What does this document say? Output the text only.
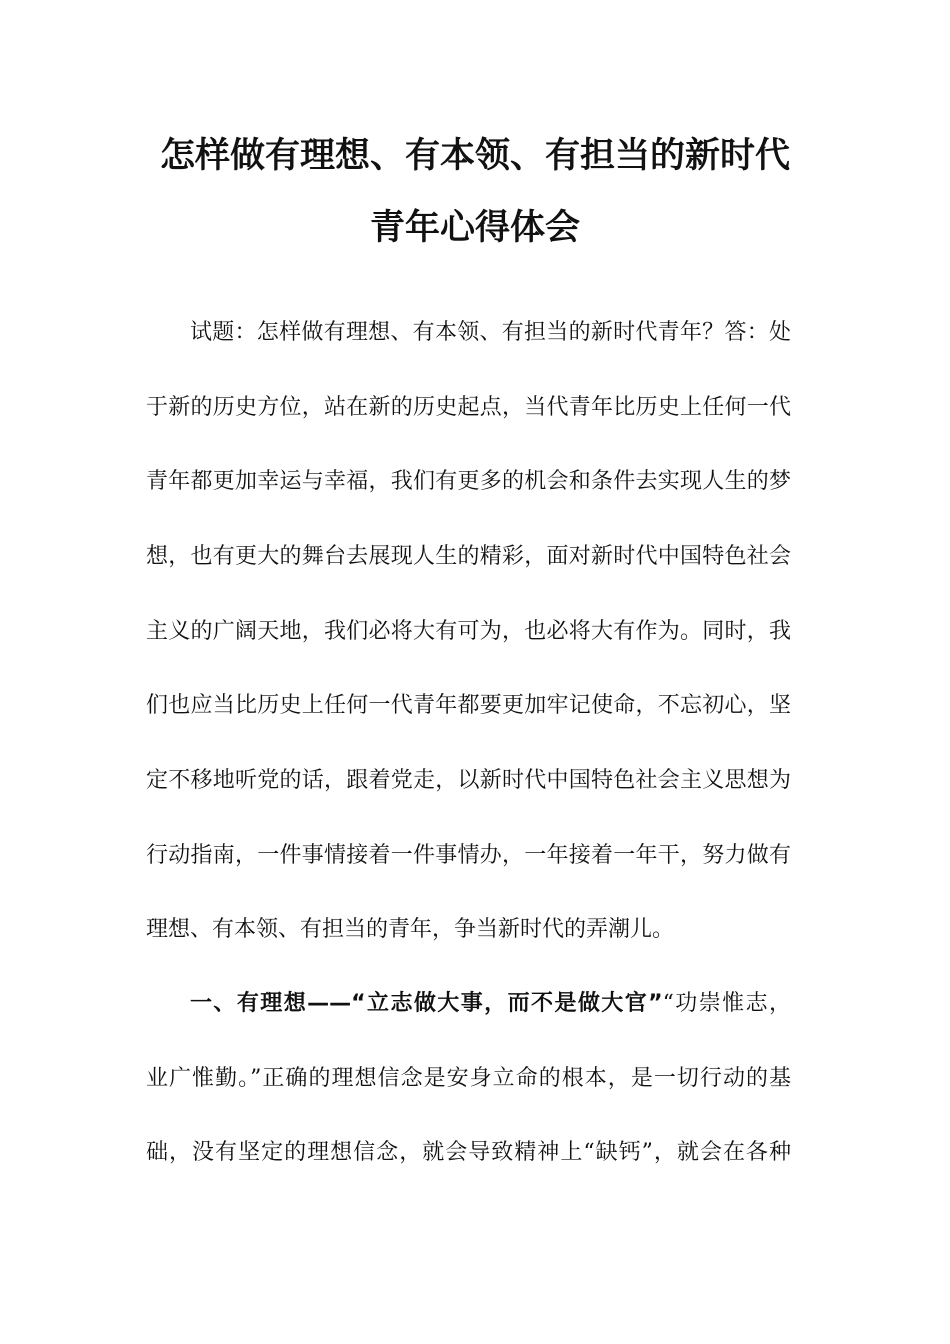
怎样做有理想、有本领、有担当的新时代
青年心得体会
试题：怎样做有理想、有本领、有担当的新时代青年？答：处
于新的历史方位，站在新的历史起点，当代青年比历史上任何一代
青年都更加幸运与幸福，我们有更多的机会和条件去实现人生的梦
想，也有更大的舞台去展现人生的精彩，面对新时代中国特色社会
主义的广阔天地，我们必将大有可为，也必将大有作为。同时，我
们也应当比历史上任何一代青年都要更加牢记使命，不忘初心，坚
定不移地听党的话，跟着党走，以新时代中国特色社会主义思想为
行动指南，一件事情接着一件事情办，一年接着一年干，努力做有
理想、有本领、有担当的青年，争当新时代的弄潮儿。
一、有理想——“立志做大事，而不是做大官”“功崇惟志，
业广惟勤。”正确的理想信念是安身立命的根本，是一切行动的基
础，没有坚定的理想信念，就会导致精神上“缺钙”，就会在各种
